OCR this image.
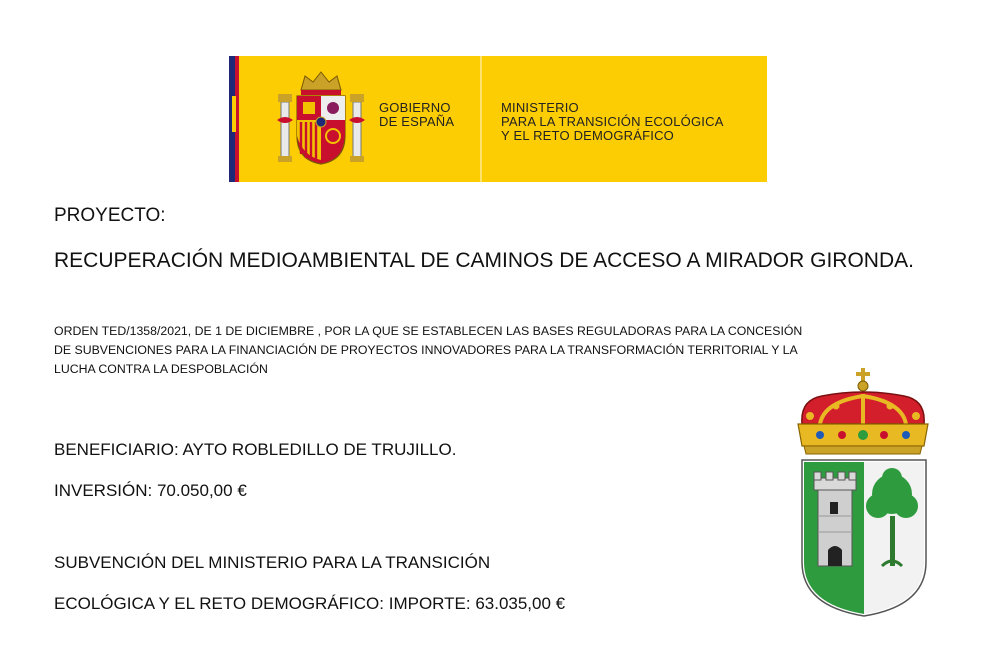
GOBIERNO
DE ESPAÑA
MINISTERIO
PARA LA TRANSICIÓN ECOLÓGICA
Y EL RETO DEMOGRÁFICO
PROYECTO:
RECUPERACIÓN MEDIOAMBIENTAL DE CAMINOS DE ACCESO A MIRADOR GIRONDA.
ORDEN TED/1358/2021, DE 1 DE DICIEMBRE , POR LA QUE SE ESTABLECEN LAS BASES REGULADORAS PARA LA CONCESIÓN
DE SUBVENCIONES PARA LA FINANCIACIÓN DE PROYECTOS INNOVADORES PARA LA TRANSFORMACIÓN TERRITORIAL Y LA
LUCHA CONTRA LA DESPOBLACIÓN
BENEFICIARIO: AYTO ROBLEDILLO DE TRUJILLO.
INVERSIÓN: 70.050,00 €
SUBVENCIÓN DEL MINISTERIO PARA LA TRANSICIÓN
ECOLÓGICA Y EL RETO DEMOGRÁFICO: IMPORTE: 63.035,00 €
